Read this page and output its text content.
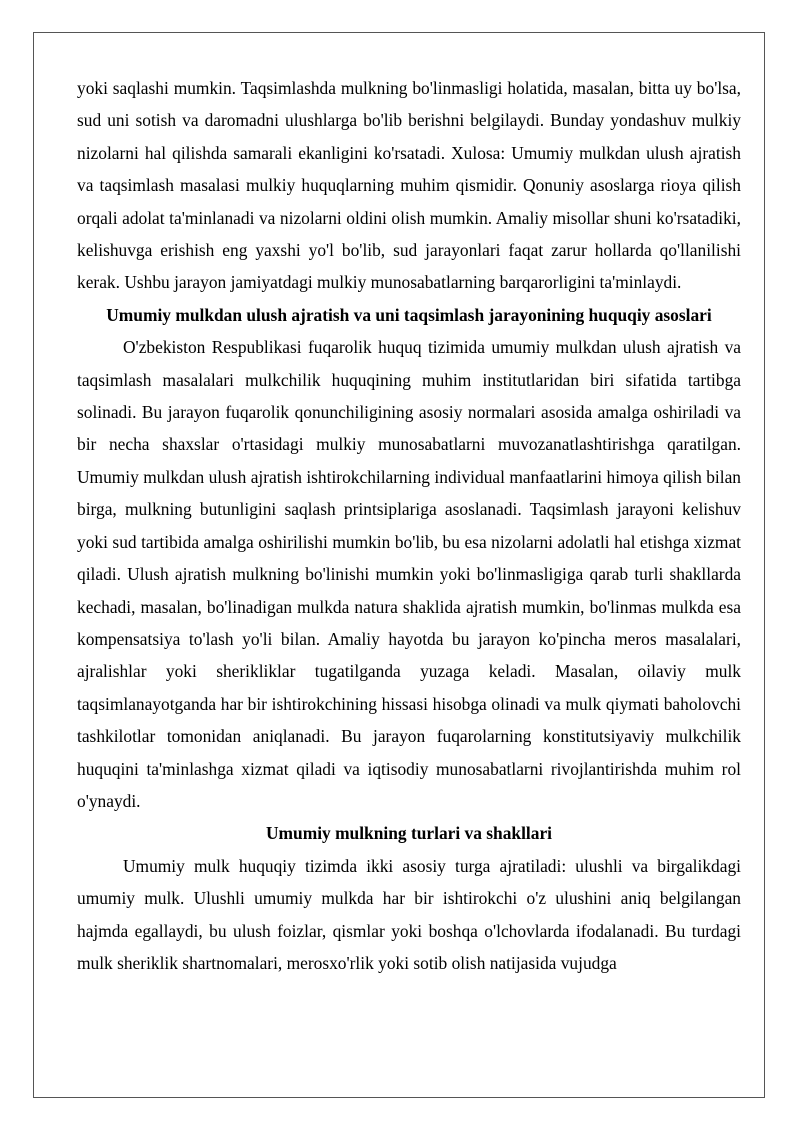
yoki saqlashi mumkin. Taqsimlashda mulkning bo'linmasligi holatida, masalan, bitta uy bo'lsa, sud uni sotish va daromadni ulushlarga bo'lib berishni belgilaydi. Bunday yondashuv mulkiy nizolarni hal qilishda samarali ekanligini ko'rsatadi. Xulosa: Umumiy mulkdan ulush ajratish va taqsimlash masalasi mulkiy huquqlarning muhim qismidir. Qonuniy asoslarga rioya qilish orqali adolat ta'minlanadi va nizolarni oldini olish mumkin. Amaliy misollar shuni ko'rsatadiki, kelishuvga erishish eng yaxshi yo'l bo'lib, sud jarayonlari faqat zarur hollarda qo'llanilishi kerak. Ushbu jarayon jamiyatdagi mulkiy munosabatlarning barqarorligini ta'minlaydi.

Umumiy mulkdan ulush ajratish va uni taqsimlash jarayonining huquqiy asoslari

O'zbekiston Respublikasi fuqarolik huquq tizimida umumiy mulkdan ulush ajratish va taqsimlash masalalari mulkchilik huquqining muhim institutlaridan biri sifatida tartibga solinadi. Bu jarayon fuqarolik qonunchiligining asosiy normalari asosida amalga oshiriladi va bir necha shaxslar o'rtasidagi mulkiy munosabatlarni muvozanatlashtirishga qaratilgan. Umumiy mulkdan ulush ajratish ishtirokchilarning individual manfaatlarini himoya qilish bilan birga, mulkning butunligini saqlash printsiplariga asoslanadi. Taqsimlash jarayoni kelishuv yoki sud tartibida amalga oshirilishi mumkin bo'lib, bu esa nizolarni adolatli hal etishga xizmat qiladi. Ulush ajratish mulkning bo'linishi mumkin yoki bo'linmasligiga qarab turli shakllarda kechadi, masalan, bo'linadigan mulkda natura shaklida ajratish mumkin, bo'linmas mulkda esa kompensatsiya to'lash yo'li bilan. Amaliy hayotda bu jarayon ko'pincha meros masalalari, ajralishlar yoki sherikliklar tugatilganda yuzaga keladi. Masalan, oilaviy mulk taqsimlanayotganda har bir ishtirokchining hissasi hisobga olinadi va mulk qiymati baholovchi tashkilotlar tomonidan aniqlanadi. Bu jarayon fuqarolarning konstitutsiyaviy mulkchilik huquqini ta'minlashga xizmat qiladi va iqtisodiy munosabatlarni rivojlantirishda muhim rol o'ynaydi.

Umumiy mulkning turlari va shakllari

Umumiy mulk huquqiy tizimda ikki asosiy turga ajratiladi: ulushli va birgalikdagi umumiy mulk. Ulushli umumiy mulkda har bir ishtirokchi o'z ulushini aniq belgilangan hajmda egallaydi, bu ulush foizlar, qismlar yoki boshqa o'lchovlarda ifodalanadi. Bu turdagi mulk sheriklik shartnomalari, merosxo'rlik yoki sotib olish natijasida vujudga
